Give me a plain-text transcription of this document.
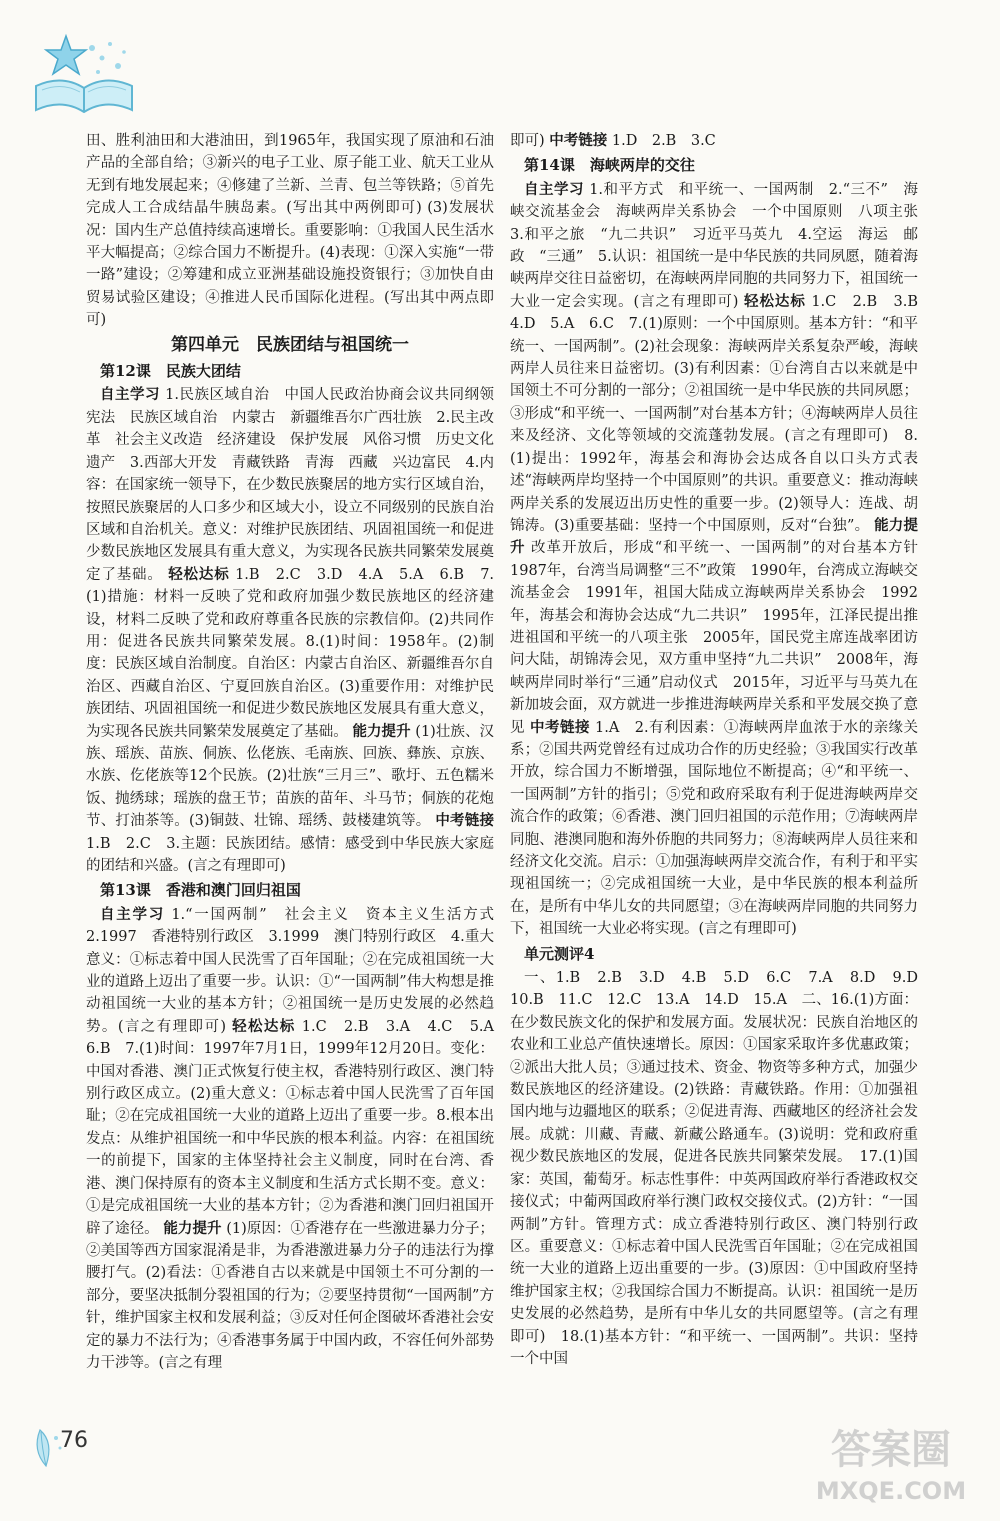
田、胜利油田和大港油田，到1965年，我国实现了原油和石油产品的全部自给；③新兴的电子工业、原子能工业、航天工业从无到有地发展起来；④修建了兰新、兰青、包兰等铁路；⑤首先完成人工合成结晶牛胰岛素。(写出其中两例即可) (3)发展状况：国内生产总值持续高速增长。重要影响：①我国人民生活水平大幅提高；②综合国力不断提升。(4)表现：①深入实施“一带一路”建设；②筹建和成立亚洲基础设施投资银行；③加快自由贸易试验区建设；④推进人民币国际化进程。(写出其中两点即可)

第四单元　民族团结与祖国统一

第12课　民族大团结

自主学习 1.民族区域自治　中国人民政治协商会议共同纲领　宪法　民族区域自治　内蒙古　新疆维吾尔广西壮族　2.民主改革　社会主义改造　经济建设　保护发展　风俗习惯　历史文化遗产　3.西部大开发　青藏铁路　青海　西藏　兴边富民　4.内容：在国家统一领导下，在少数民族聚居的地方实行区域自治，按照民族聚居的人口多少和区域大小，设立不同级别的民族自治区域和自治机关。意义：对维护民族团结、巩固祖国统一和促进少数民族地区发展具有重大意义，为实现各民族共同繁荣发展奠定了基础。 轻松达标 1.B　2.C　3.D　4.A　5.A　6.B　7.(1)措施：材料一反映了党和政府加强少数民族地区的经济建设，材料二反映了党和政府尊重各民族的宗教信仰。(2)共同作用：促进各民族共同繁荣发展。8.(1)时间：1958年。(2)制度：民族区域自治制度。自治区：内蒙古自治区、新疆维吾尔自治区、西藏自治区、宁夏回族自治区。(3)重要作用：对维护民族团结、巩固祖国统一和促进少数民族地区发展具有重大意义，为实现各民族共同繁荣发展奠定了基础。 能力提升 (1)壮族、汉族、瑶族、苗族、侗族、仫佬族、毛南族、回族、彝族、京族、水族、仡佬族等12个民族。(2)壮族“三月三”、歌圩、五色糯米饭、抛绣球；瑶族的盘王节；苗族的苗年、斗马节；侗族的花炮节、打油茶等。(3)铜鼓、壮锦、瑶绣、鼓楼建筑等。 中考链接 1.B　2.C　3.主题：民族团结。感情：感受到中华民族大家庭的团结和兴盛。(言之有理即可)

第13课　香港和澳门回归祖国

自主学习 1.“一国两制”　社会主义　资本主义生活方式　2.1997　香港特别行政区　3.1999　澳门特别行政区　4.重大意义：①标志着中国人民洗雪了百年国耻；②在完成祖国统一大业的道路上迈出了重要一步。认识：①“一国两制”伟大构想是推动祖国统一大业的基本方针；②祖国统一是历史发展的必然趋势。(言之有理即可) 轻松达标 1.C　2.B　3.A　4.C　5.A　6.B　7.(1)时间：1997年7月1日，1999年12月20日。变化：中国对香港、澳门正式恢复行使主权，香港特别行政区、澳门特别行政区成立。(2)重大意义：①标志着中国人民洗雪了百年国耻；②在完成祖国统一大业的道路上迈出了重要一步。8.根本出发点：从维护祖国统一和中华民族的根本利益。内容：在祖国统一的前提下，国家的主体坚持社会主义制度，同时在台湾、香港、澳门保持原有的资本主义制度和生活方式长期不变。意义：①是完成祖国统一大业的基本方针；②为香港和澳门回归祖国开辟了途径。 能力提升 (1)原因：①香港存在一些激进暴力分子；②美国等西方国家混淆是非，为香港激进暴力分子的违法行为撑腰打气。(2)看法：①香港自古以来就是中国领土不可分割的一部分，要坚决抵制分裂祖国的行为；②要坚持贯彻“一国两制”方针，维护国家主权和发展利益；③反对任何企图破坏香港社会安定的暴力不法行为；④香港事务属于中国内政，不容任何外部势力干涉等。(言之有理

即可) 中考链接 1.D　2.B　3.C

第14课　海峡两岸的交往

自主学习 1.和平方式　和平统一、一国两制　2.“三不”　海峡交流基金会　海峡两岸关系协会　一个中国原则　八项主张　3.和平之旅　“九二共识”　习近平马英九　4.空运　海运　邮政　“三通”　5.认识：祖国统一是中华民族的共同夙愿，随着海峡两岸交往日益密切，在海峡两岸同胞的共同努力下，祖国统一大业一定会实现。(言之有理即可) 轻松达标 1.C　2.B　3.B　4.D　5.A　6.C　7.(1)原则：一个中国原则。基本方针：“和平统一、一国两制”。(2)社会现象：海峡两岸关系复杂严峻，海峡两岸人员往来日益密切。(3)有利因素：①台湾自古以来就是中国领土不可分割的一部分；②祖国统一是中华民族的共同夙愿；③形成“和平统一、一国两制”对台基本方针；④海峡两岸人员往来及经济、文化等领域的交流蓬勃发展。(言之有理即可)　8.(1)提出：1992年，海基会和海协会达成各自以口头方式表述“海峡两岸均坚持一个中国原则”的共识。重要意义：推动海峡两岸关系的发展迈出历史性的重要一步。(2)领导人：连战、胡锦涛。(3)重要基础：坚持一个中国原则，反对“台独”。 能力提升 改革开放后，形成“和平统一、一国两制”的对台基本方针　1987年，台湾当局调整“三不”政策　1990年，台湾成立海峡交流基金会　1991年，祖国大陆成立海峡两岸关系协会　1992年，海基会和海协会达成“九二共识”　1995年，江泽民提出推进祖国和平统一的八项主张　2005年，国民党主席连战率团访问大陆，胡锦涛会见，双方重申坚持“九二共识”　2008年，海峡两岸同时举行“三通”启动仪式　2015年，习近平与马英九在新加坡会面，双方就进一步推进海峡两岸关系和平发展交换了意见 中考链接 1.A　2.有利因素：①海峡两岸血浓于水的亲缘关系；②国共两党曾经有过成功合作的历史经验；③我国实行改革开放，综合国力不断增强，国际地位不断提高；④“和平统一、一国两制”方针的指引；⑤党和政府采取有利于促进海峡两岸交流合作的政策；⑥香港、澳门回归祖国的示范作用；⑦海峡两岸同胞、港澳同胞和海外侨胞的共同努力；⑧海峡两岸人员往来和经济文化交流。启示：①加强海峡两岸交流合作，有利于和平实现祖国统一；②完成祖国统一大业，是中华民族的根本利益所在，是所有中华儿女的共同愿望；③在海峡两岸同胞的共同努力下，祖国统一大业必将实现。(言之有理即可)

单元测评4

一、1.B　2.B　3.D　4.B　5.D　6.C　7.A　8.D　9.D　10.B　11.C　12.C　13.A　14.D　15.A　二、16.(1)方面：在少数民族文化的保护和发展方面。发展状况：民族自治地区的农业和工业总产值快速增长。原因：①国家采取许多优惠政策；②派出大批人员；③通过技术、资金、物资等多种方式，加强少数民族地区的经济建设。(2)铁路：青藏铁路。作用：①加强祖国内地与边疆地区的联系；②促进青海、西藏地区的经济社会发展。成就：川藏、青藏、新藏公路通车。(3)说明：党和政府重视少数民族地区的发展，促进各民族共同繁荣发展。　17.(1)国家：英国，葡萄牙。标志性事件：中英两国政府举行香港政权交接仪式；中葡两国政府举行澳门政权交接仪式。(2)方针：“一国两制”方针。管理方式：成立香港特别行政区、澳门特别行政区。重要意义：①标志着中国人民洗雪百年国耻；②在完成祖国统一大业的道路上迈出重要的一步。(3)原因：①中国政府坚持维护国家主权；②我国综合国力不断提高。认识：祖国统一是历史发展的必然趋势，是所有中华儿女的共同愿望等。(言之有理即可)　18.(1)基本方针：“和平统一、一国两制”。共识：坚持一个中国

76	答案圈
MXQE.COM
